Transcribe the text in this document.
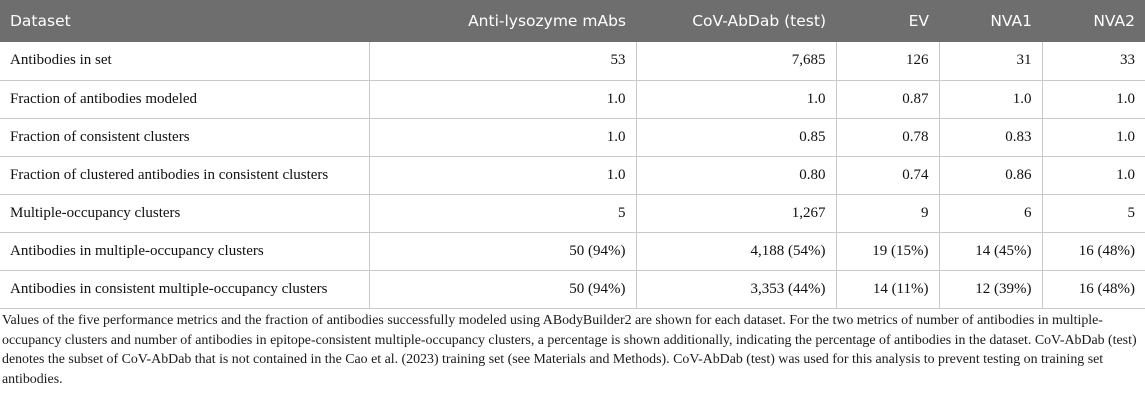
Dataset	Anti-lysozyme mAbs	CoV-AbDab (test)	EV	NVA1	NVA2
Antibodies in set	53	7,685	126	31	33
Fraction of antibodies modeled	1.0	1.0	0.87	1.0	1.0
Fraction of consistent clusters	1.0	0.85	0.78	0.83	1.0
Fraction of clustered antibodies in consistent clusters	1.0	0.80	0.74	0.86	1.0
Multiple-occupancy clusters	5	1,267	9	6	5
Antibodies in multiple-occupancy clusters	50 (94%)	4,188 (54%)	19 (15%)	14 (45%)	16 (48%)
Antibodies in consistent multiple-occupancy clusters	50 (94%)	3,353 (44%)	14 (11%)	12 (39%)	16 (48%)

Values of the five performance metrics and the fraction of antibodies successfully modeled using ABodyBuilder2 are shown for each dataset. For the two metrics of number of antibodies in multiple-occupancy clusters and number of antibodies in epitope-consistent multiple-occupancy clusters, a percentage is shown additionally, indicating the percentage of antibodies in the dataset. CoV-AbDab (test) denotes the subset of CoV-AbDab that is not contained in the Cao et al. (2023) training set (see Materials and Methods). CoV-AbDab (test) was used for this analysis to prevent testing on training set antibodies.
